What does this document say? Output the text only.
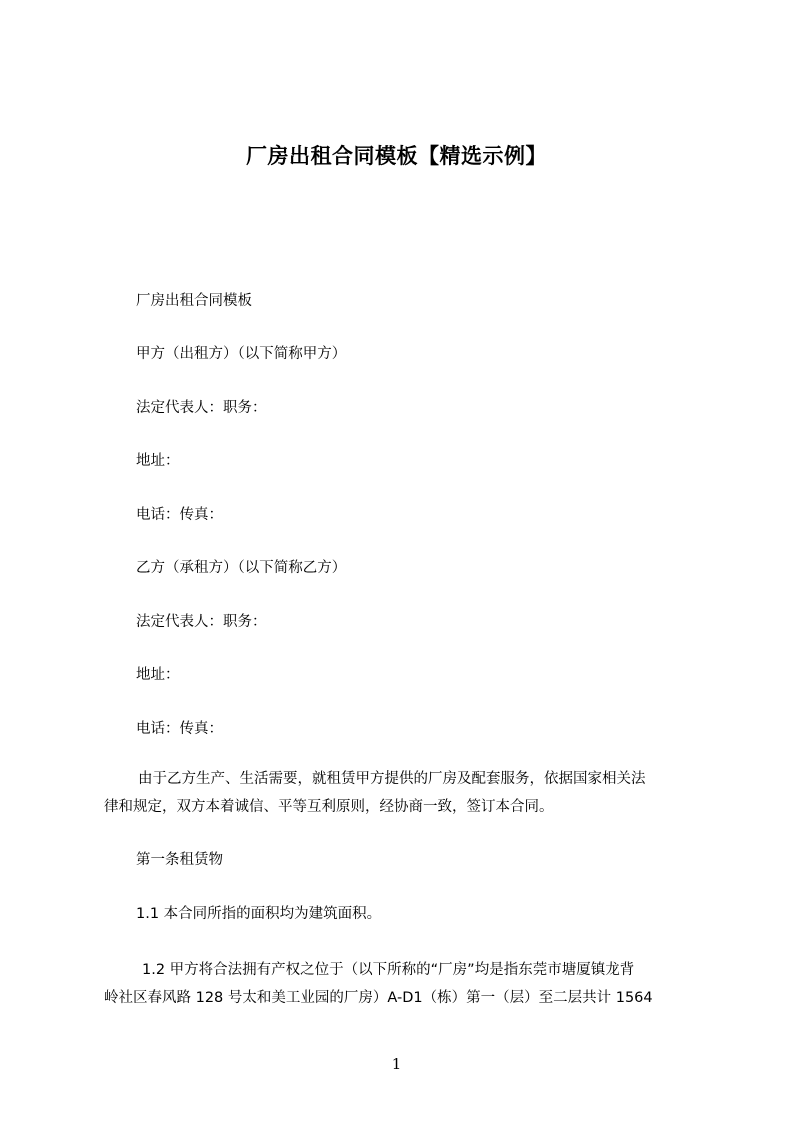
厂房出租合同模板【精选示例】
厂房出租合同模板
甲方（出租方）（以下简称甲方）
法定代表人：职务：
地址：
电话：传真：
乙方（承租方）（以下简称乙方）
法定代表人：职务：
地址：
电话：传真：
由于乙方生产、生活需要，就租赁甲方提供的厂房及配套服务，依据国家相关法
律和规定，双方本着诚信、平等互利原则，经协商一致，签订本合同。
第一条租赁物
1.1 本合同所指的面积均为建筑面积。
1.2 甲方将合法拥有产权之位于（以下所称的“厂房”均是指东莞市塘厦镇龙背
岭社区春风路 128 号太和美工业园的厂房）A-D1（栋）第一（层）至二层共计 1564
1
